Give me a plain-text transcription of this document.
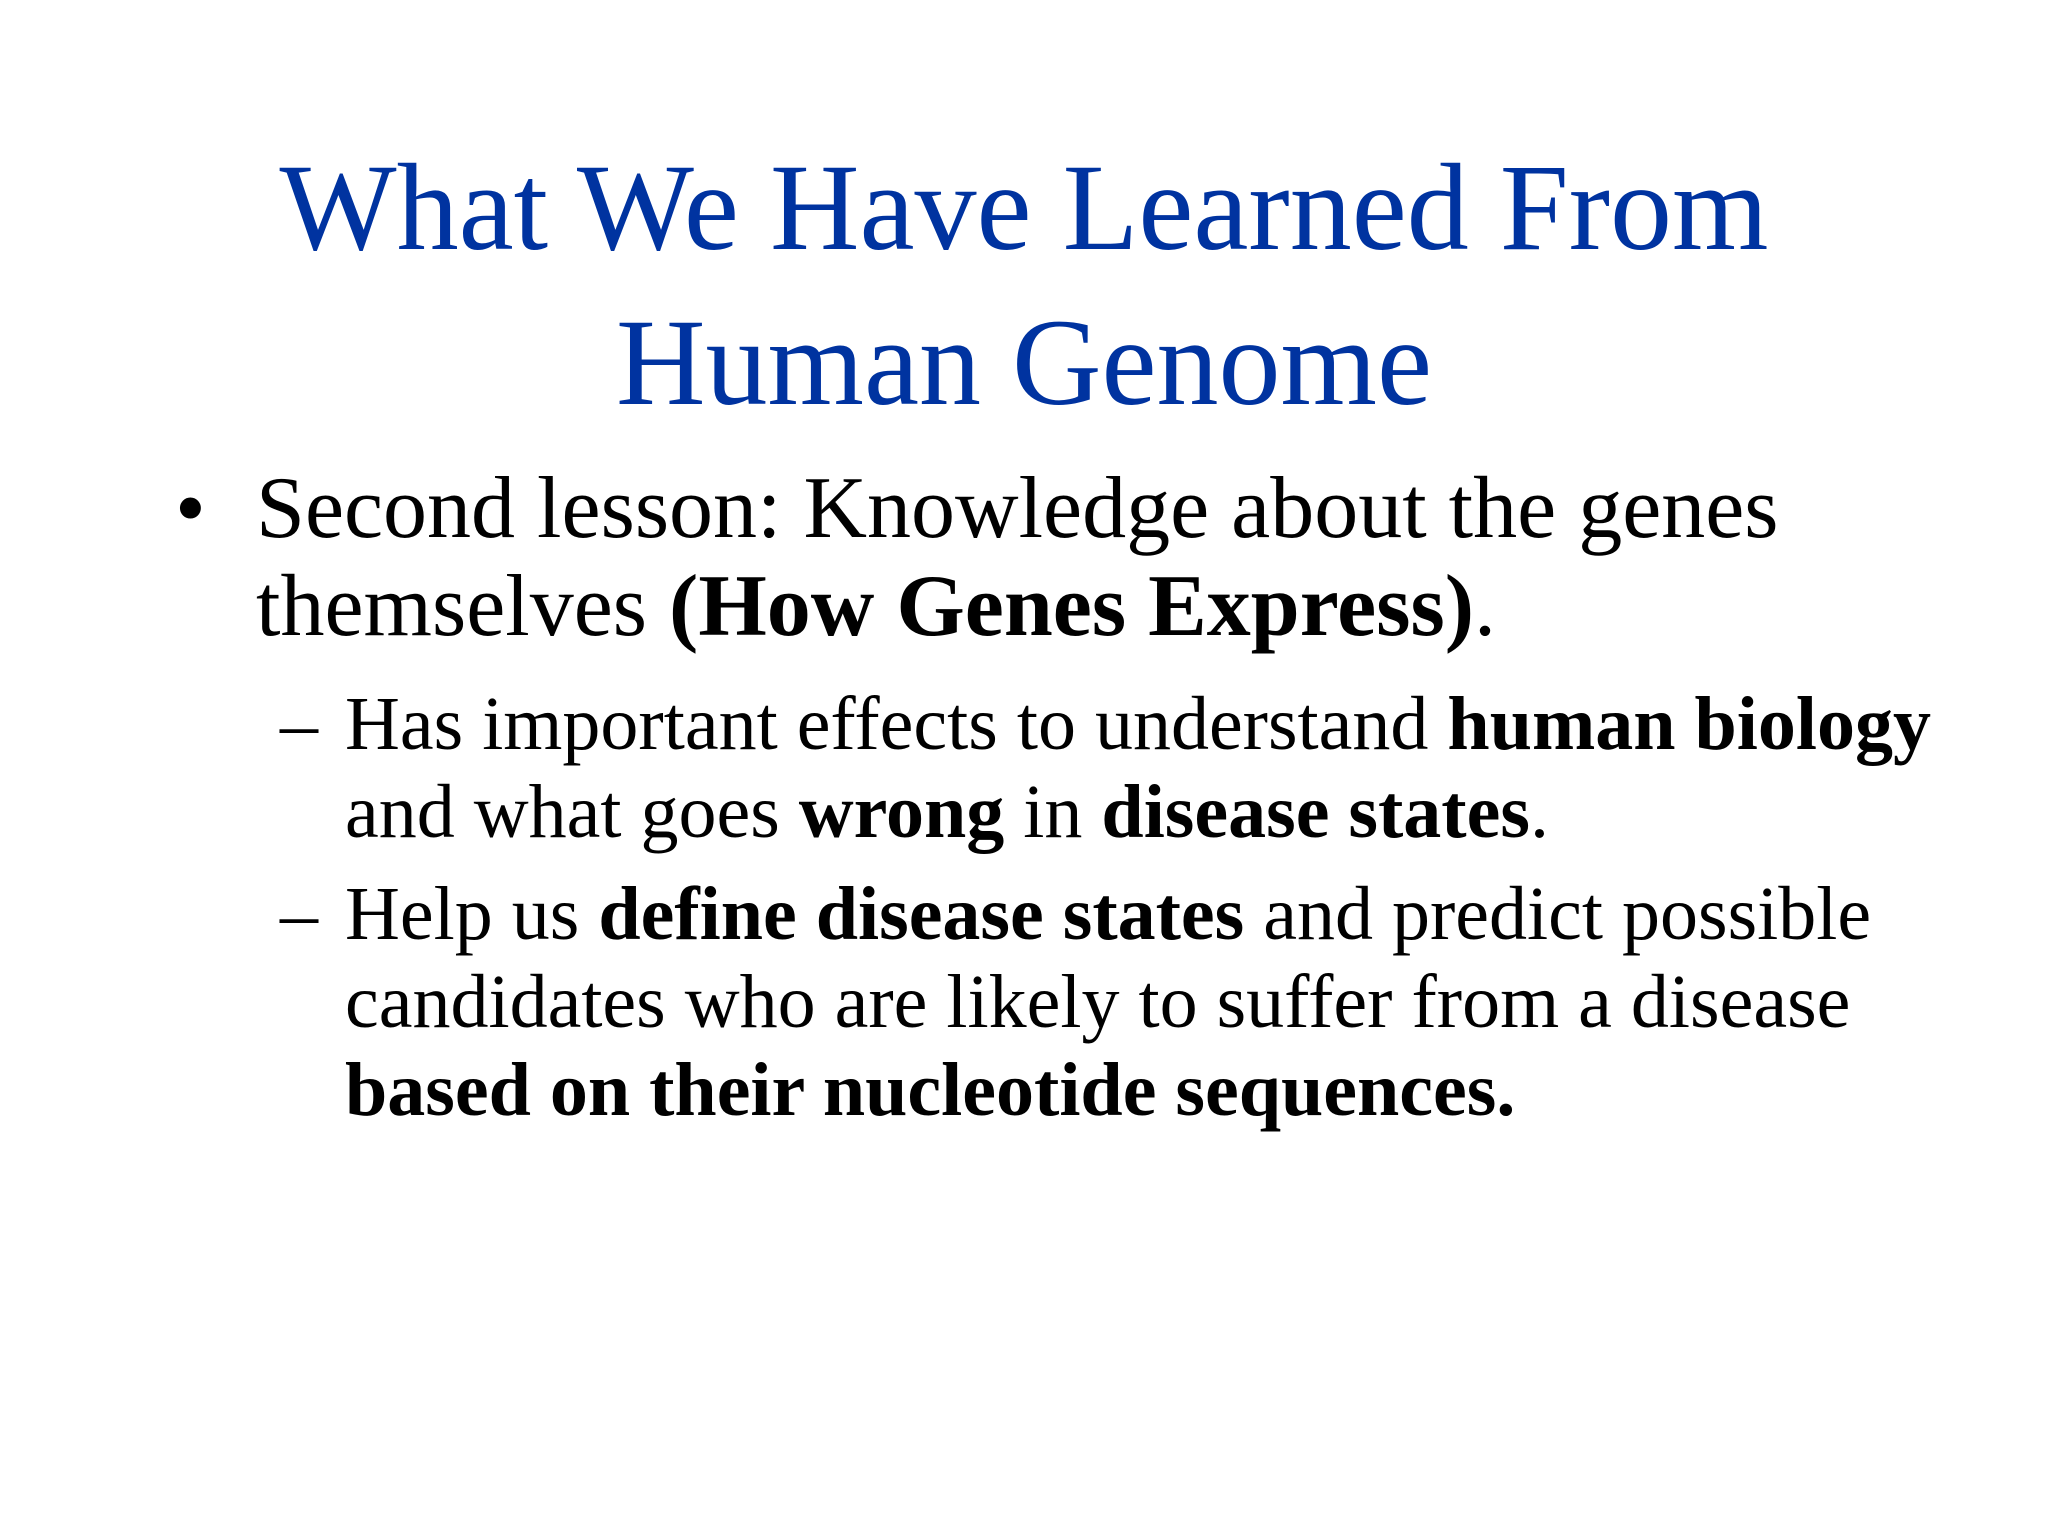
What We Have Learned From
Human Genome
• Second lesson: Knowledge about the genes themselves (How Genes Express).
– Has important effects to understand human biology and what goes wrong in disease states.
– Help us define disease states and predict possible candidates who are likely to suffer from a disease based on their nucleotide sequences.
